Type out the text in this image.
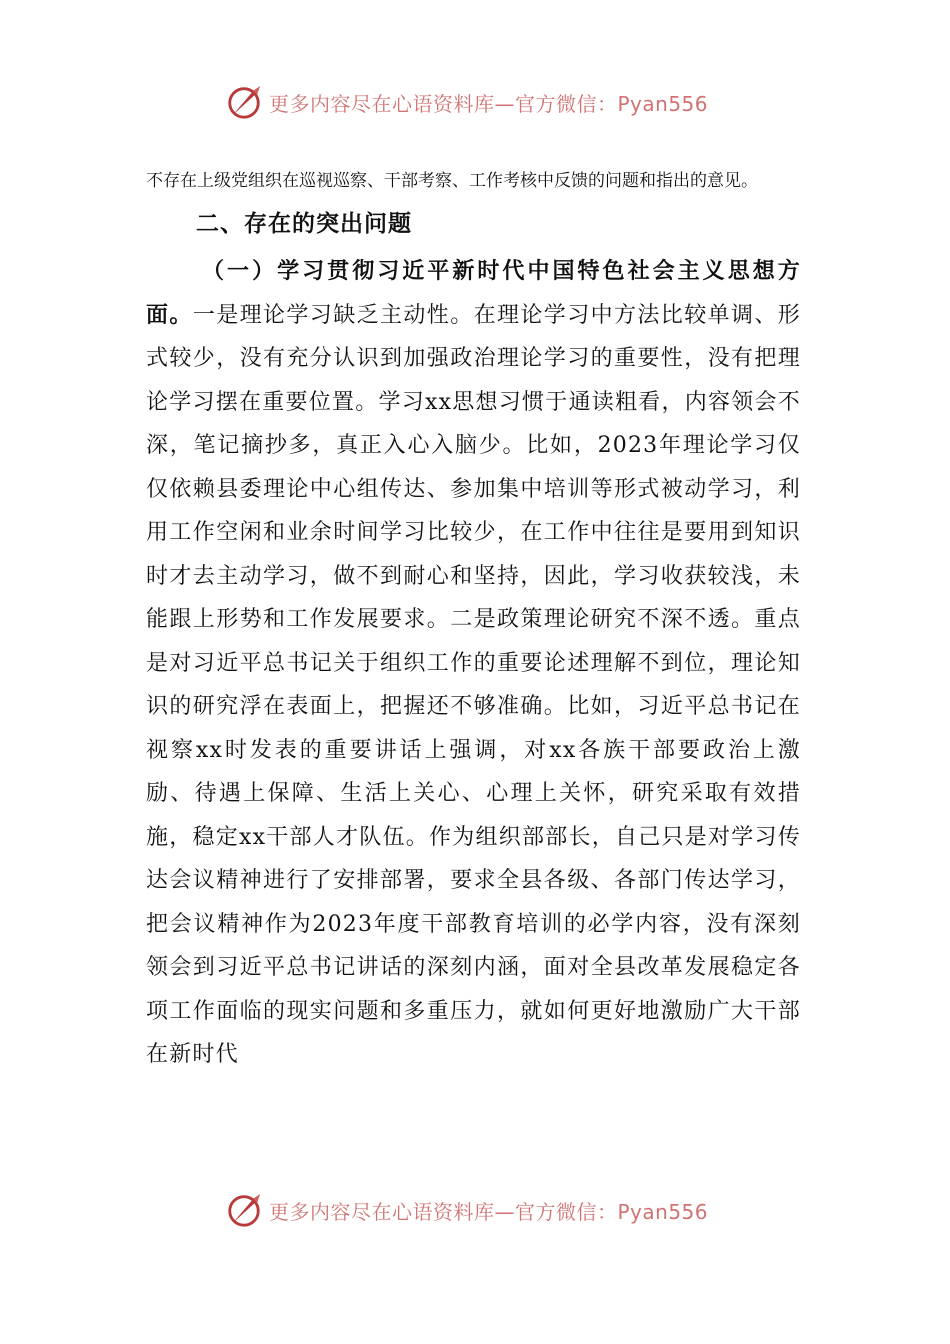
更多内容尽在心语资料库—官方微信：Pyan556

不存在上级党组织在巡视巡察、干部考察、工作考核中反馈的问题和指出的意见。

二、存在的突出问题

（一）学习贯彻习近平新时代中国特色社会主义思想方面。一是理论学习缺乏主动性。在理论学习中方法比较单调、形式较少，没有充分认识到加强政治理论学习的重要性，没有把理论学习摆在重要位置。学习xx思想习惯于通读粗看，内容领会不深，笔记摘抄多，真正入心入脑少。比如，2023年理论学习仅仅依赖县委理论中心组传达、参加集中培训等形式被动学习，利用工作空闲和业余时间学习比较少，在工作中往往是要用到知识时才去主动学习，做不到耐心和坚持，因此，学习收获较浅，未能跟上形势和工作发展要求。二是政策理论研究不深不透。重点是对习近平总书记关于组织工作的重要论述理解不到位，理论知识的研究浮在表面上，把握还不够准确。比如，习近平总书记在视察xx时发表的重要讲话上强调，对xx各族干部要政治上激励、待遇上保障、生活上关心、心理上关怀，研究采取有效措施，稳定xx干部人才队伍。作为组织部部长，自己只是对学习传达会议精神进行了安排部署，要求全县各级、各部门传达学习，把会议精神作为2023年度干部教育培训的必学内容，没有深刻领会到习近平总书记讲话的深刻内涵，面对全县改革发展稳定各项工作面临的现实问题和多重压力，就如何更好地激励广大干部在新时代

更多内容尽在心语资料库—官方微信：Pyan556
